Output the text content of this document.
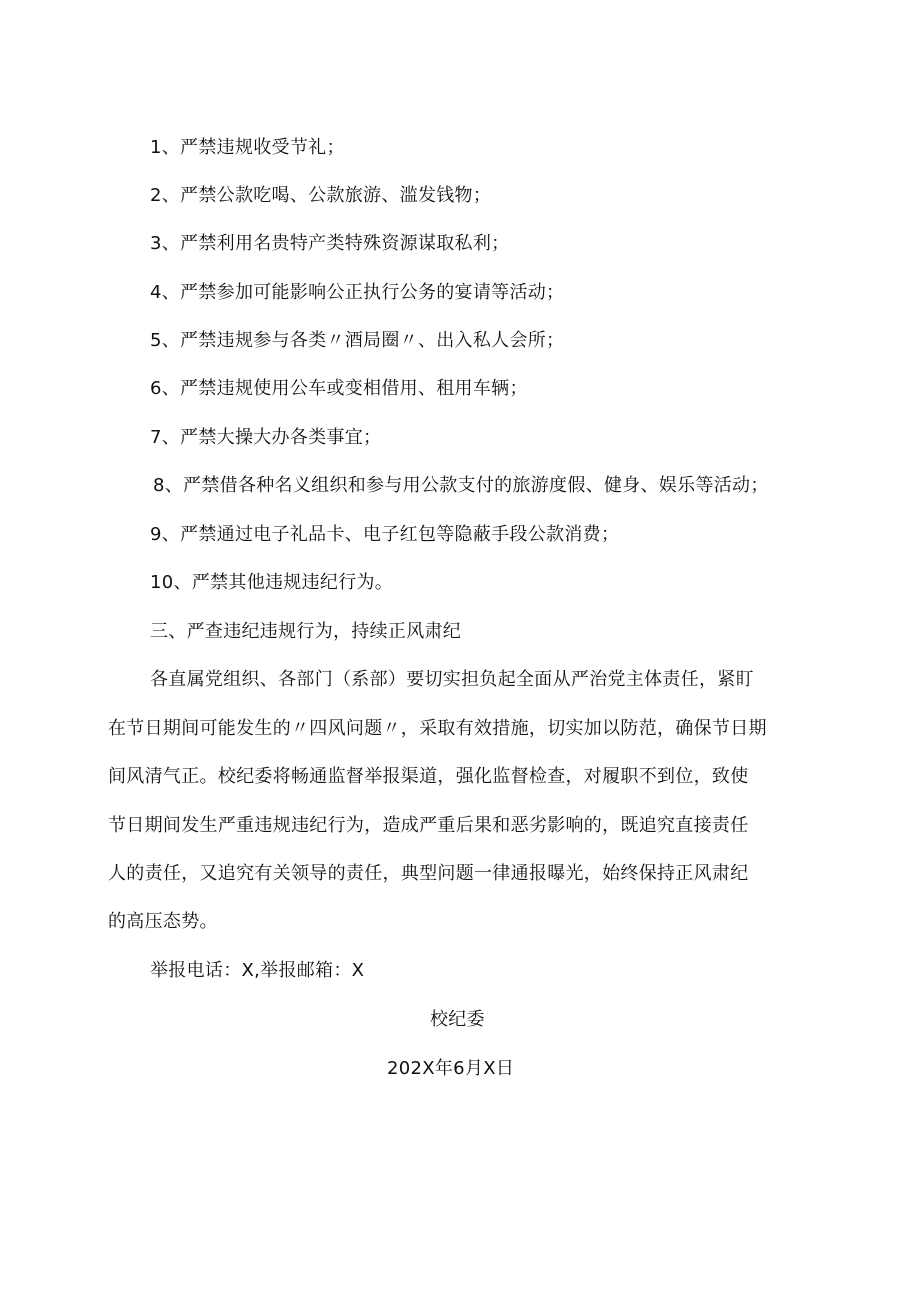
1、严禁违规收受节礼；
2、严禁公款吃喝、公款旅游、滥发钱物；
3、严禁利用名贵特产类特殊资源谋取私利；
4、严禁参加可能影响公正执行公务的宴请等活动；
5、严禁违规参与各类〃酒局圈〃、出入私人会所；
6、严禁违规使用公车或变相借用、租用车辆；
7、严禁大操大办各类事宜；
8、严禁借各种名义组织和参与用公款支付的旅游度假、健身、娱乐等活动；
9、严禁通过电子礼品卡、电子红包等隐蔽手段公款消费；
10、严禁其他违规违纪行为。
三、严查违纪违规行为，持续正风肃纪
各直属党组织、各部门（系部）要切实担负起全面从严治党主体责任，紧盯
在节日期间可能发生的〃四风问题〃，采取有效措施，切实加以防范，确保节日期
间风清气正。校纪委将畅通监督举报渠道，强化监督检查，对履职不到位，致使
节日期间发生严重违规违纪行为，造成严重后果和恶劣影响的，既追究直接责任
人的责任，又追究有关领导的责任，典型问题一律通报曝光，始终保持正风肃纪
的高压态势。
举报电话：X,举报邮箱：X
校纪委
202X年6月X日
